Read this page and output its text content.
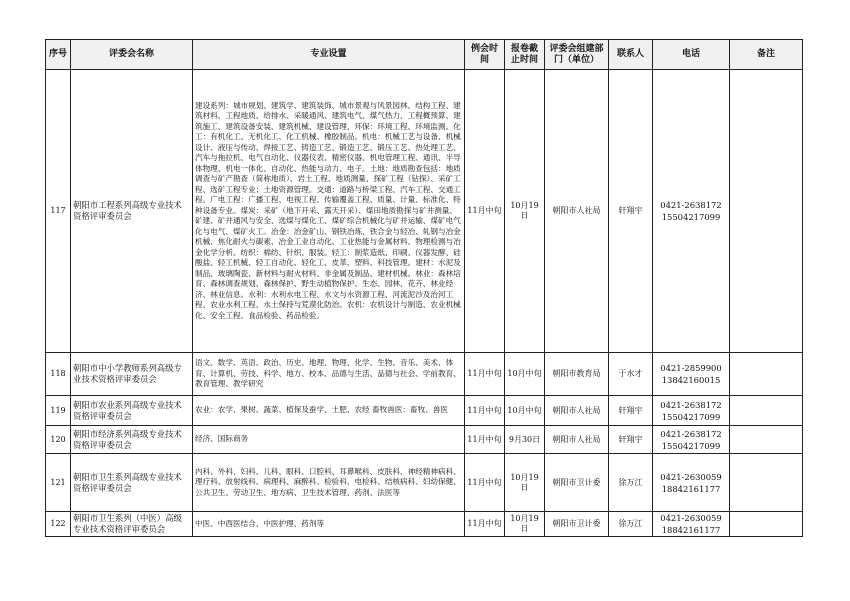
序号	评委会名称	专业设置	例会时间	报卷截止时间	评委会组建部门（单位）	联系人	电话	备注
117	朝阳市工程系列高级专业技术资格评审委员会	建设系列：城市规划、建筑学、建筑装饰、城市景观与风景园林、结构工程、建筑材料、工程地质、给排水、采暖通风、建筑电气、煤气热力、工程概预算、建筑施工、建筑设备安装、建筑机械、建设管理、环保：环境工程、环境监测。化工：有机化工、无机化工、化工机械、橡胶制品。机电：机械工艺与设备、机械设计、液压与传动、焊接工艺、铸造工艺、锻造工艺、锻压工艺、热处理工艺、汽车与拖拉机、电气自动化、仪器仪表、精密仪器、机电管理工程、通讯、半导体物理、机电一体化、自动化、热能与动力、电子。土地：地质勘查包括：地质调查与矿产勘查（简称地质）、岩土工程、地质测量、探矿工程（钻探）、采矿工程、选矿工程专业；土地资源管理。交通：道路与桥梁工程、汽车工程、交通工程。广电工程：广播工程、电视工程、传输覆盖工程、质量、计量、标准化、特种设备专业。煤炭：采矿（地下开采、露天开采）、煤田地质勘探与矿井测量、矿建、矿井通风与安全、选煤与煤化工、煤矿综合机械化与矿井运输、煤矿电气化与电气、煤矿火工。冶金：冶金矿山、钢铁冶炼、铁合金与轻冶、轧钢与冶金机械、焦化耐火与碳素、冶金工业自动化、工业热能与金属材料、物理检测与冶金化学分析。纺织：棉纺、针织、服装。轻工：制浆造纸、印刷、仪器发酵、硅酸盐、轻工机械、轻工自动化、轻化工、皮革、塑料、科技管理。建材：水泥及制品、玻璃陶瓷、新材料与耐火材料、非金属及制品、建材机械。林业：森林培育、森林调查规划、森林保护、野生动植物保护、生态、园林、花卉、林业经济、林业信息。水利：水利水电工程、水文与水资源工程、河流泥沙及治河工程、农业水利工程、水土保持与荒漠化防治。农机：农机设计与制造、农业机械化、安全工程、食品检验、药品检验。	11月中旬	10月19日	朝阳市人社局	轩翔宇	0421-2638172
15504217099	
118	朝阳市中小学教师系列高级专业技术资格评审委员会	语文、数学、英语、政治、历史、地理、物理、化学、生物、音乐、美术、体育、计算机、劳技、科学、地方、校本、品德与生活、品德与社会、学前教育、教育管理、教学研究	11月中旬	10月中旬	朝阳市教育局	于水才	0421-2859900
13842160015	
119	朝阳市农业系列高级专业技术资格评审委员会	农业：农学、果树、蔬菜、植保及蚕学、土肥、农经 畜牧兽医：畜牧、兽医	11月中旬	10月中旬	朝阳市人社局	轩翔宇	0421-2638172
15504217099	
120	朝阳市经济系列高级专业技术资格评审委员会	经济、国际商务	11月中旬	9月30日	朝阳市人社局	轩翔宇	0421-2638172
15504217099	
121	朝阳市卫生系列高级专业技术资格评审委员会	内科、外科、妇科、儿科、眼科、口腔科、耳鼻喉科、皮肤科、神经精神病科、理疗科、放射线科、病理科、麻醉科、检验科、电检科、结核病科、妇幼保健、公共卫生、劳动卫生、地方病、卫生技术管理、药剂、法医等	11月中旬	10月19日	朝阳市卫计委	徐万江	0421-2630059
18842161177	
122	朝阳市卫生系列（中医）高级专业技术资格评审委员会	中医、中西医结合、中医护理、药剂等	11月中旬	10月19日	朝阳市卫计委	徐万江	0421-2630059
18842161177	
